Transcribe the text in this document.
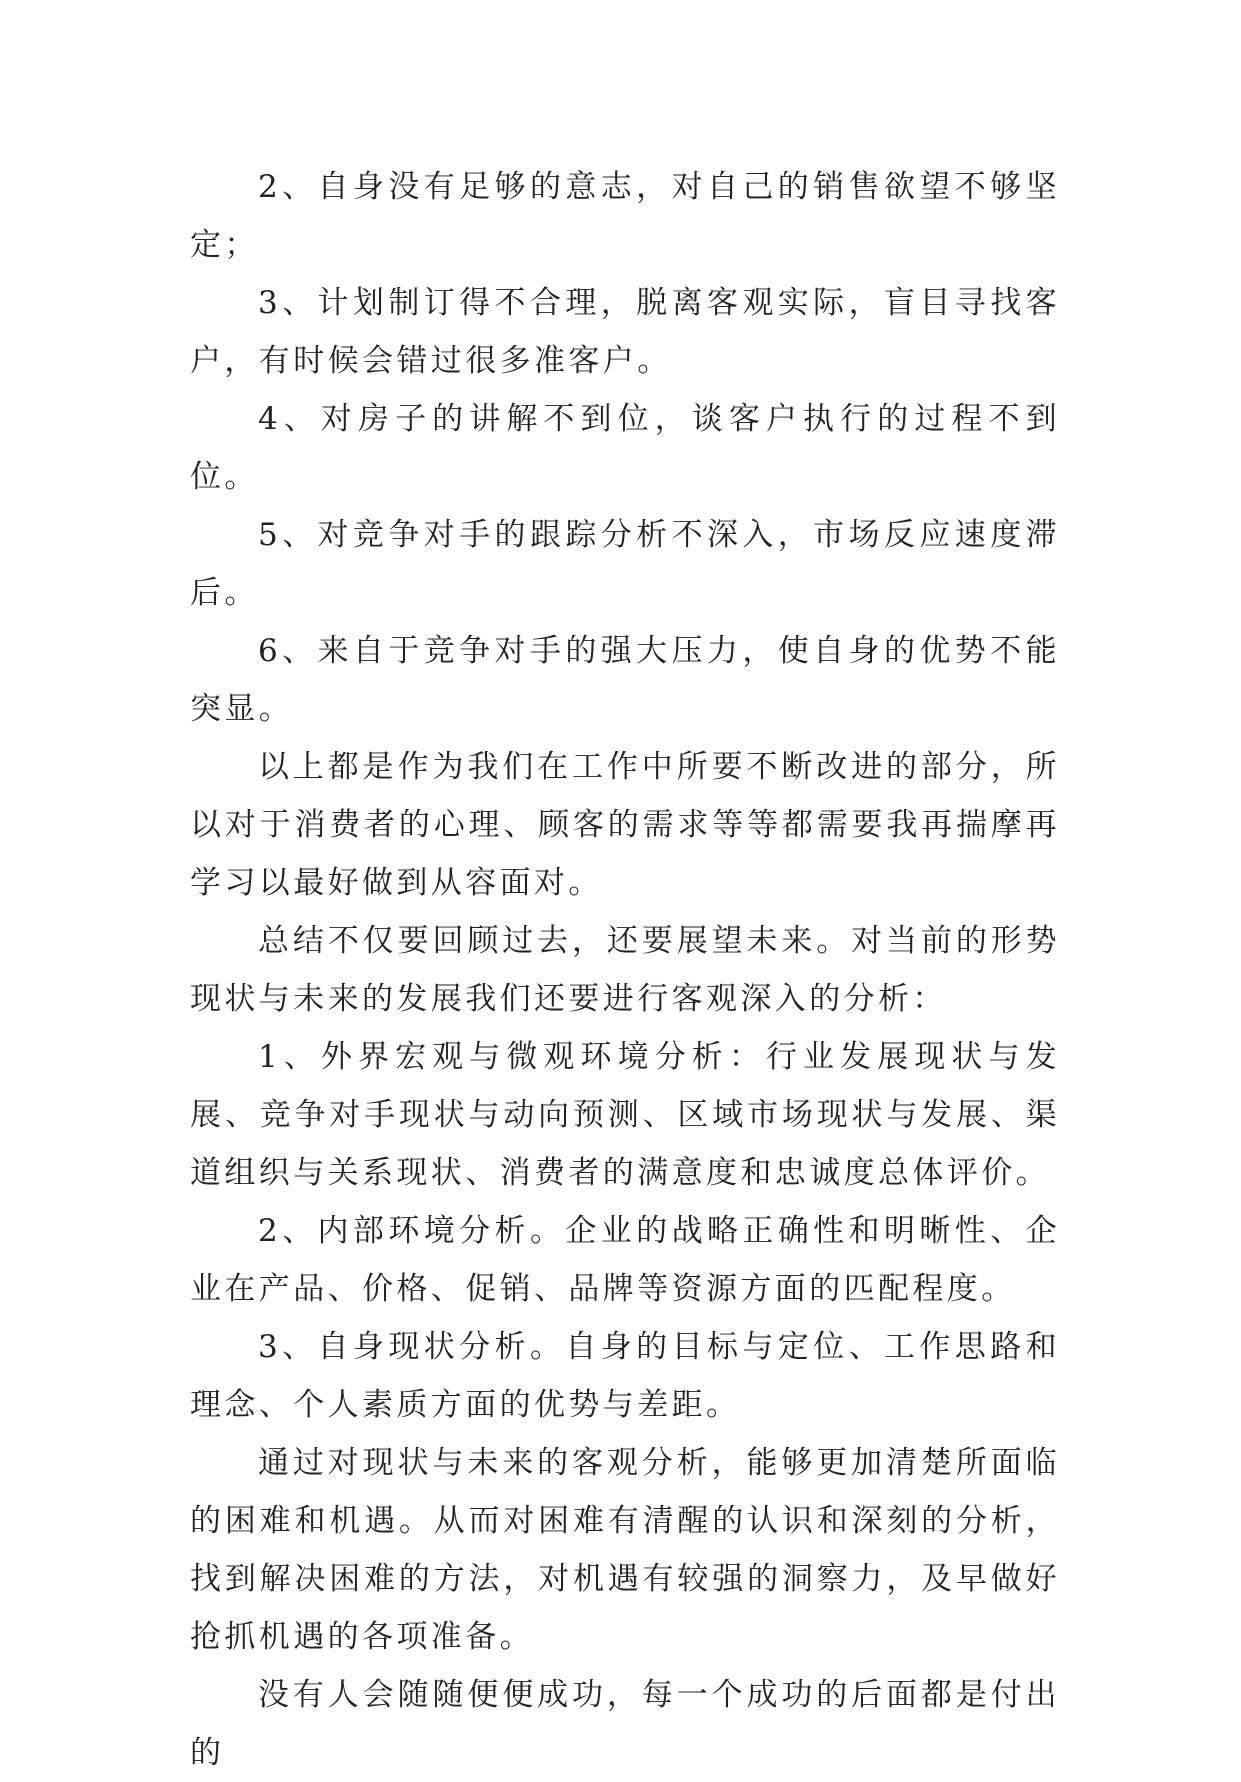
2、自身没有足够的意志，对自己的销售欲望不够坚定；

3、计划制订得不合理，脱离客观实际，盲目寻找客户，有时候会错过很多准客户。

4、对房子的讲解不到位，谈客户执行的过程不到位。

5、对竞争对手的跟踪分析不深入，市场反应速度滞后。

6、来自于竞争对手的强大压力，使自身的优势不能突显。

以上都是作为我们在工作中所要不断改进的部分，所以对于消费者的心理、顾客的需求等等都需要我再揣摩再学习以最好做到从容面对。

总结不仅要回顾过去，还要展望未来。对当前的形势现状与未来的发展我们还要进行客观深入的分析：

1、外界宏观与微观环境分析：行业发展现状与发展、竞争对手现状与动向预测、区域市场现状与发展、渠道组织与关系现状、消费者的满意度和忠诚度总体评价。

2、内部环境分析。企业的战略正确性和明晰性、企业在产品、价格、促销、品牌等资源方面的匹配程度。

3、自身现状分析。自身的目标与定位、工作思路和理念、个人素质方面的优势与差距。

通过对现状与未来的客观分析，能够更加清楚所面临的困难和机遇。从而对困难有清醒的认识和深刻的分析，找到解决困难的方法，对机遇有较强的洞察力，及早做好抢抓机遇的各项准备。

没有人会随随便便成功，每一个成功的后面都是付出的
